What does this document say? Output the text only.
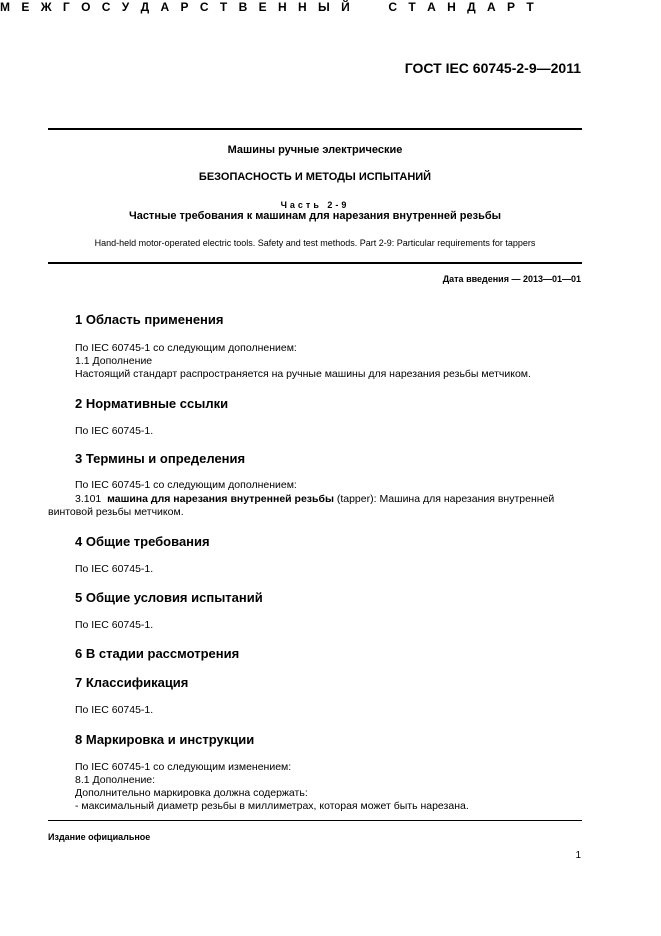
ГОСТ IEC 60745-2-9—2011
М Е Ж Г О С У Д А Р С Т В Е Н Н Ы Й	С Т А Н Д А Р Т
Машины ручные электрические
БЕЗОПАСНОСТЬ И МЕТОДЫ ИСПЫТАНИЙ
Часть 2-9
Частные требования к машинам для нарезания внутренней резьбы
Hand-held motor-operated electric tools. Safety and test methods. Part 2-9: Particular requirements for tappers
Дата введения — 2013—01—01
1 Область применения
По IEC 60745-1 со следующим дополнением:
1.1 Дополнение
Настоящий стандарт распространяется на ручные машины для нарезания резьбы метчиком.
2 Нормативные ссылки
По IEC 60745-1.
3 Термины и определения
По IEC 60745-1 со следующим дополнением:
3.101 машина для нарезания внутренней резьбы (tapper): Машина для нарезания внутренней
винтовой резьбы метчиком.
4 Общие требования
По IEC 60745-1.
5 Общие условия испытаний
По IEC 60745-1.
6 В стадии рассмотрения
7 Классификация
По IEC 60745-1.
8 Маркировка и инструкции
По IEC 60745-1 со следующим изменением:
8.1 Дополнение:
Дополнительно маркировка должна содержать:
- максимальный диаметр резьбы в миллиметрах, которая может быть нарезана.
Издание официальное
1
